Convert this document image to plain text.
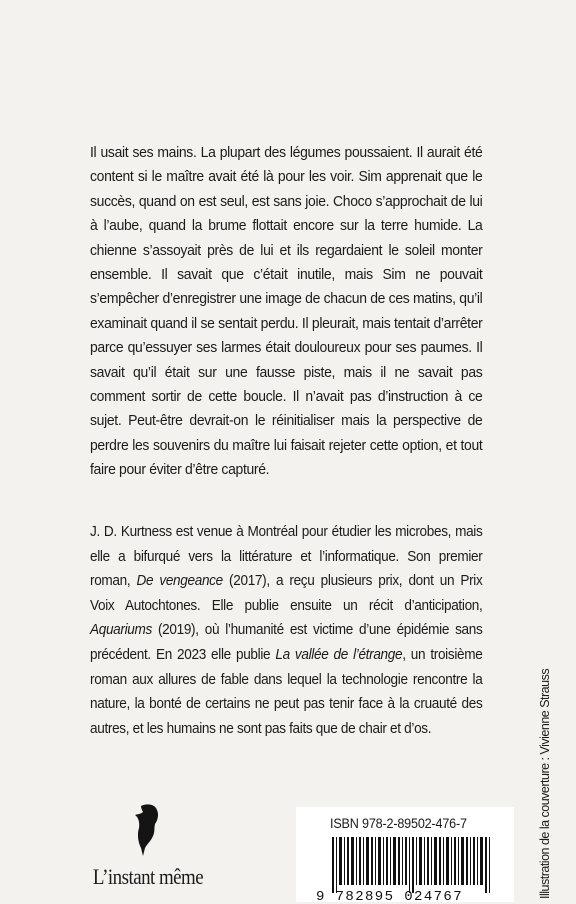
Il usait ses mains. La plupart des légumes poussaient. Il aurait été content si le maître avait été là pour les voir. Sim apprenait que le succès, quand on est seul, est sans joie. Choco s’approchait de lui à l’aube, quand la brume flottait encore sur la terre humide. La chienne s’assoyait près de lui et ils regardaient le soleil monter ensemble. Il savait que c’était inutile, mais Sim ne pouvait s’empêcher d’enregistrer une image de chacun de ces matins, qu’il examinait quand il se sentait perdu. Il pleurait, mais tentait d’arrêter parce qu’essuyer ses larmes était douloureux pour ses paumes. Il savait qu’il était sur une fausse piste, mais il ne savait pas comment sortir de cette boucle. Il n’avait pas d’instruction à ce sujet. Peut-être devrait-on le réinitialiser mais la perspective de perdre les souvenirs du maître lui faisait rejeter cette option, et tout faire pour éviter d’être capturé.

J. D. Kurtness est venue à Montréal pour étudier les microbes, mais elle a bifurqué vers la littérature et l’informatique. Son premier roman, De vengeance (2017), a reçu plusieurs prix, dont un Prix Voix Autochtones. Elle publie ensuite un récit d’anticipation, Aquariums (2019), où l’humanité est victime d’une épidémie sans précédent. En 2023 elle publie La vallée de l’étrange, un troisième roman aux allures de fable dans lequel la technologie rencontre la nature, la bonté de certains ne peut pas tenir face à la cruauté des autres, et les humains ne sont pas faits que de chair et d’os.	Illustration de la couverture : Vivienne Strauss
L’instant même
ISBN 978-2-89502-476-7
9 782895 024767
